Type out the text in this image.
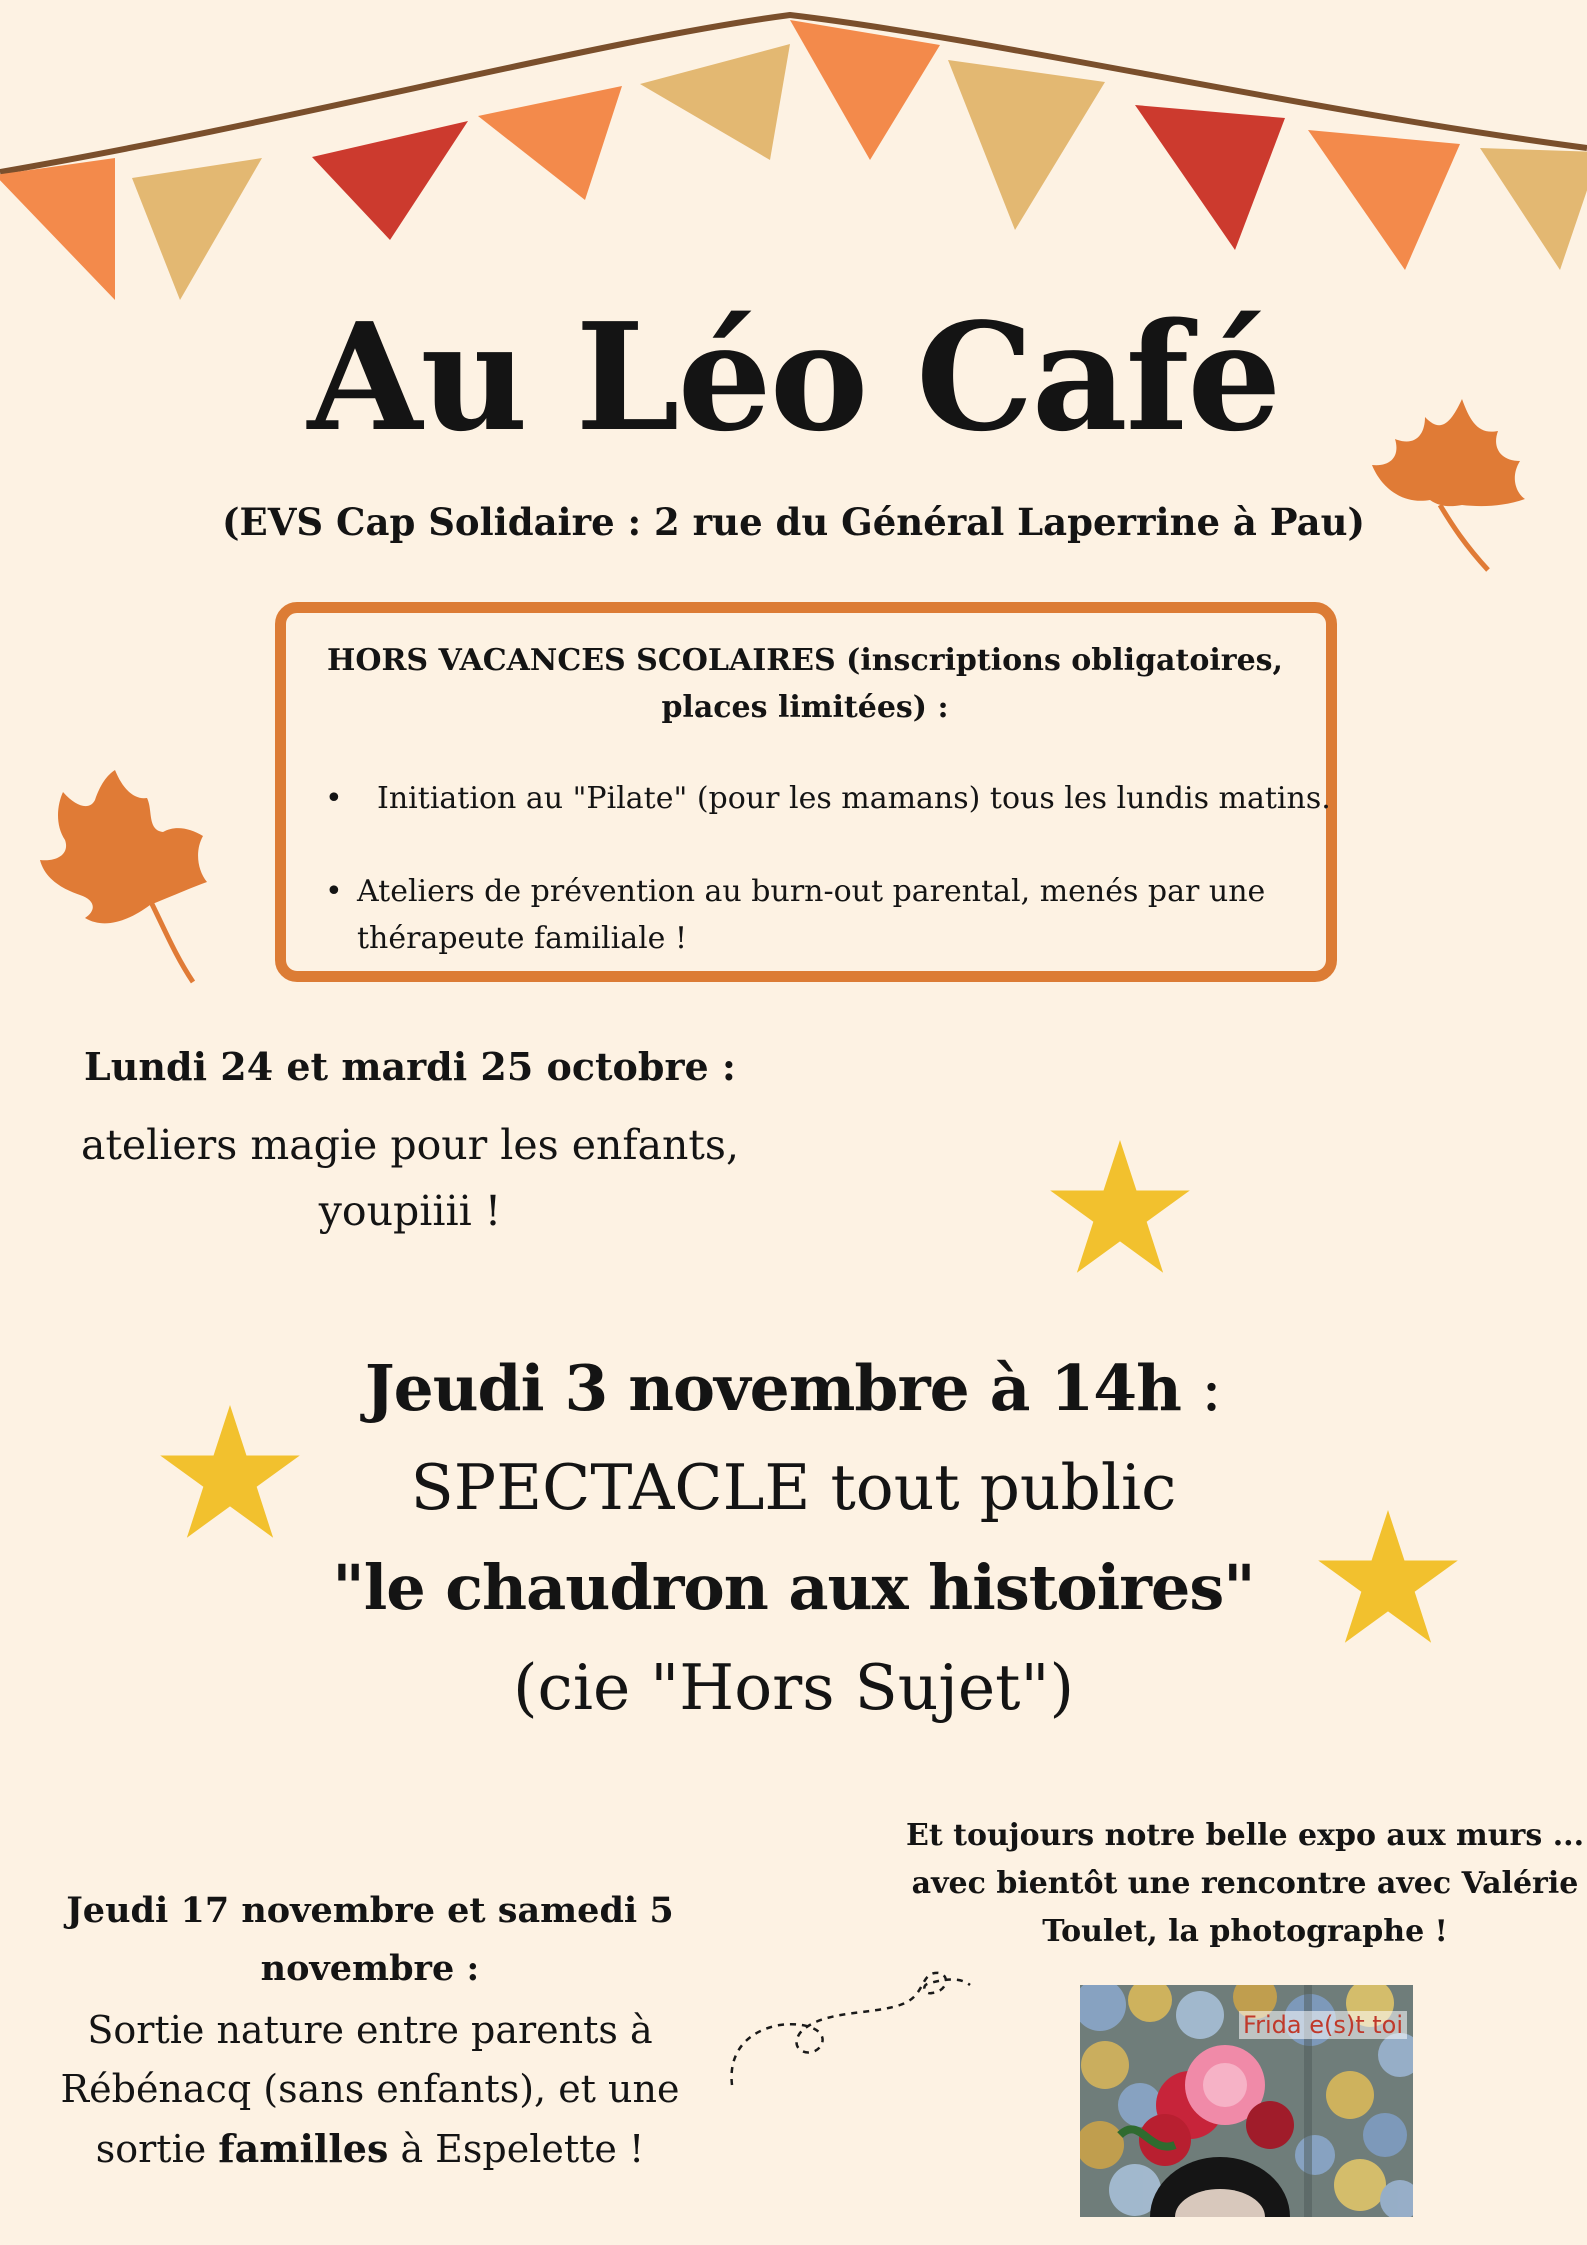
Au Léo Café
(EVS Cap Solidaire : 2 rue du Général Laperrine à Pau)
HORS VACANCES SCOLAIRES (inscriptions obligatoires, places limitées) :
• Initiation au "Pilate" (pour les mamans) tous les lundis matins.
• Ateliers de prévention au burn-out parental, menés par une thérapeute familiale !
Lundi 24 et mardi 25 octobre :
ateliers magie pour les enfants, youpiiii !
Jeudi 3 novembre à 14h :
SPECTACLE tout public
"le chaudron aux histoires"
(cie "Hors Sujet")
Jeudi 17 novembre et samedi 5 novembre :
Sortie nature entre parents à Rébénacq (sans enfants), et une sortie familles à Espelette !
Et toujours notre belle expo aux murs ... avec bientôt une rencontre avec Valérie Toulet, la photographe !
Frida e(s)t toi
